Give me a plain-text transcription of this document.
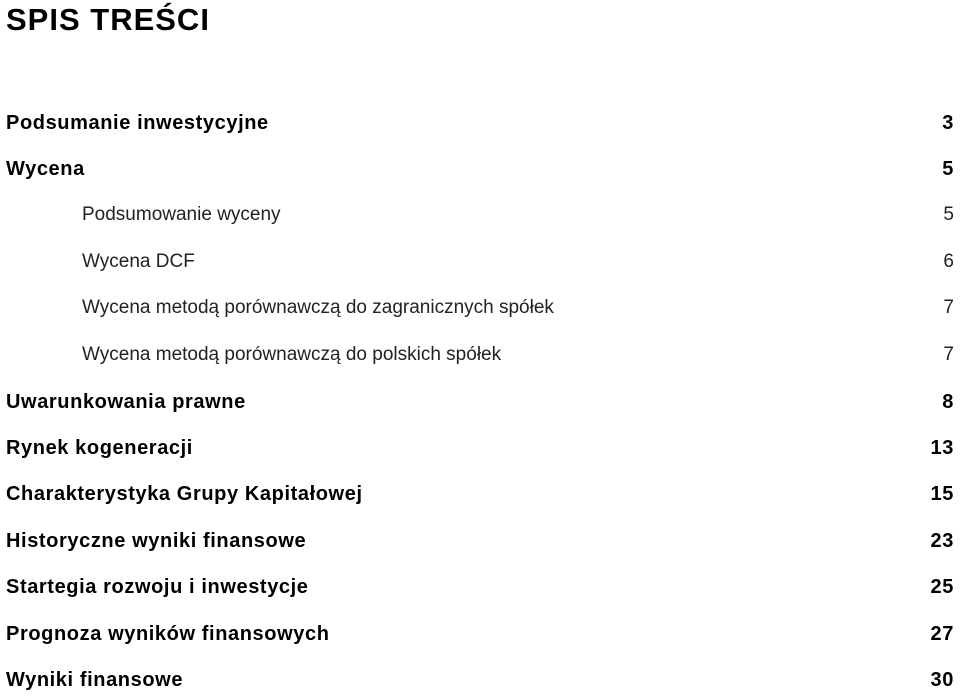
SPIS TREŚCI
Podsumanie inwestycyjne	3
Wycena	5
Podsumowanie wyceny	5
Wycena DCF	6
Wycena metodą porównawczą do zagranicznych spółek	7
Wycena metodą porównawczą do polskich spółek	7
Uwarunkowania prawne	8
Rynek kogeneracji	13
Charakterystyka Grupy Kapitałowej	15
Historyczne wyniki finansowe	23
Startegia rozwoju i inwestycje	25
Prognoza wyników finansowych	27
Wyniki finansowe	30
